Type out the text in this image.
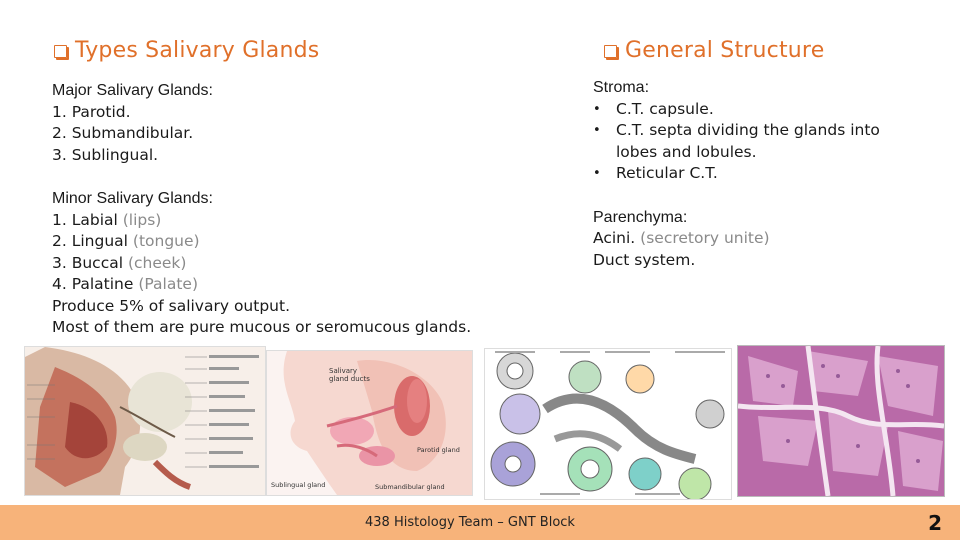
Types Salivary Glands	General Structure

Major Salivary Glands:

1. Parotid.

2. Submandibular.

3. Sublingual.

Minor Salivary Glands:

1. Labial (lips)

2. Lingual (tongue)

3. Buccal (cheek)

4. Palatine (Palate)

Produce 5% of salivary output.

Most of them are pure mucous or seromucous glands.

Stroma:

• C.T. capsule.
• C.T. septa dividing the glands into lobes and lobules.
• Reticular C.T.

Parenchyma:

Acini. (secretory unite)

Duct system.

Salivary
gland ducts
Parotid gland
Sublingual gland	Submandibular gland
438 Histology Team – GNT Block	2
